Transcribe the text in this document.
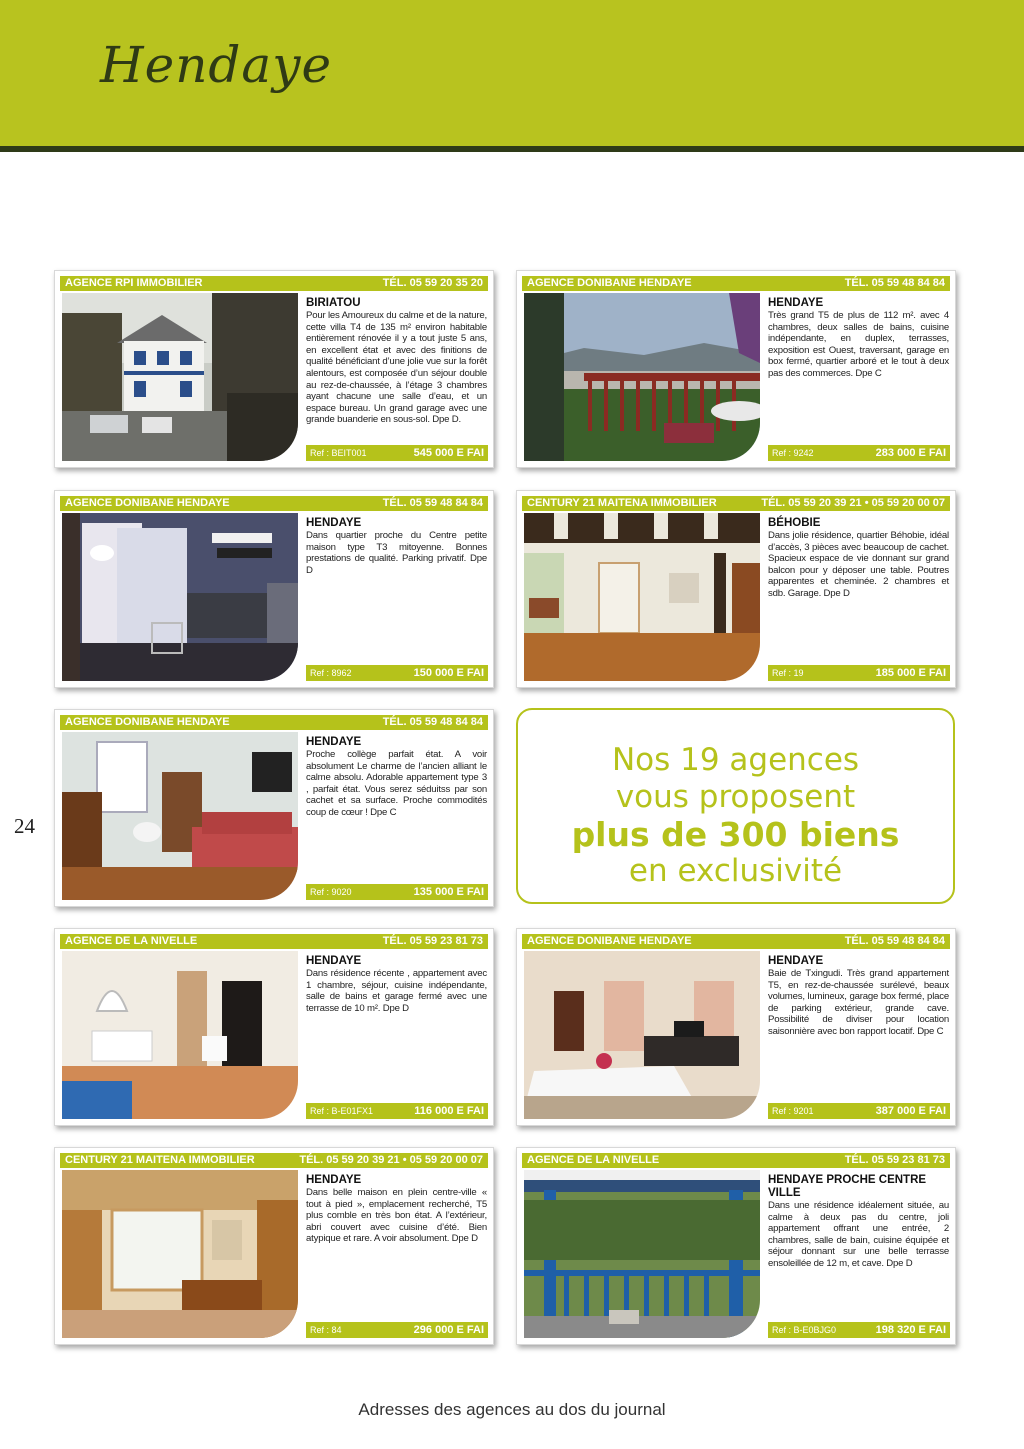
Hendaye
AGENCE RPI IMMOBILIER	TÉL. 05 59 20 35 20
BIRIATOU
Pour les Amoureux du calme et de la nature, cette villa T4 de 135 m² environ habitable entièrement rénovée il y a tout juste 5 ans, en excellent état et avec des finitions de qualité bénéficiant d’une jolie vue sur la forêt alentours, est composée d’un séjour double au rez-de-chaussée, à l’étage 3 chambres ayant chacune une salle d’eau, et un espace bureau. Un grand garage avec une grande buanderie en sous-sol. Dpe D.
Ref : BEIT001	545 000 E FAI
AGENCE DONIBANE HENDAYE	TÉL. 05 59 48 84 84
HENDAYE
Très grand T5 de plus de 112 m². avec 4 chambres, deux salles de bains, cuisine indépendante, en duplex, terrasses, exposition est Ouest, traversant, garage en box fermé, quartier arboré et le tout à deux pas des commerces. Dpe C
Ref : 9242	283 000 E FAI
AGENCE DONIBANE HENDAYE	TÉL. 05 59 48 84 84
HENDAYE
Dans quartier proche du Centre petite maison type T3 mitoyenne. Bonnes prestations de qualité. Parking privatif. Dpe D
Ref : 8962	150 000 E FAI
CENTURY 21 MAITENA IMMOBILIER	TÉL. 05 59 20 39 21 • 05 59 20 00 07
BÉHOBIE
Dans jolie résidence, quartier Béhobie, idéal d’accès, 3 pièces avec beaucoup de cachet. Spacieux espace de vie donnant sur grand balcon pour y déposer une table. Poutres apparentes et cheminée. 2 chambres et sdb. Garage. Dpe D
Ref : 19	185 000 E FAI
AGENCE DONIBANE HENDAYE	TÉL. 05 59 48 84 84
HENDAYE
Proche collège parfait état. A voir absolument Le charme de l’ancien alliant le calme absolu. Adorable appartement type 3 , parfait état. Vous serez séduitss par son cachet et sa surface. Proche commodités coup de cœur ! Dpe C
Ref : 9020	135 000 E FAI
Nos 19 agences
vous proposent
plus de 300 biens
en exclusivité
AGENCE DE LA NIVELLE	TÉL. 05 59 23 81 73
HENDAYE
Dans résidence récente , appartement avec 1 chambre, séjour, cuisine indépendante, salle de bains et garage fermé avec une terrasse de 10 m². Dpe D
Ref : B-E01FX1	116 000 E FAI
AGENCE DONIBANE HENDAYE	TÉL. 05 59 48 84 84
HENDAYE
Baie de Txingudi. Très grand appartement T5, en rez-de-chaussée surélevé, beaux volumes, lumineux, garage box fermé, place de parking extérieur, grande cave. Possibilité de diviser pour location saisonnière avec bon rapport locatif. Dpe C
Ref : 9201	387 000 E FAI
CENTURY 21 MAITENA IMMOBILIER	TÉL. 05 59 20 39 21 • 05 59 20 00 07
HENDAYE
Dans belle maison en plein centre-ville « tout à pied », emplacement recherché, T5 plus comble en très bon état. A l’extérieur, abri couvert avec cuisine d’été. Bien atypique et rare. A voir absolument. Dpe D
Ref : 84	296 000 E FAI
AGENCE DE LA NIVELLE	TÉL. 05 59 23 81 73
HENDAYE PROCHE CENTRE VILLE
Dans une résidence idéalement située, au calme à deux pas du centre, joli appartement offrant une entrée, 2 chambres, salle de bain, cuisine équipée et séjour donnant sur une belle terrasse ensoleillée de 12 m, et cave. Dpe D
Ref : B-E0BJG0	198 320 E FAI
24
Adresses des agences au dos du journal
